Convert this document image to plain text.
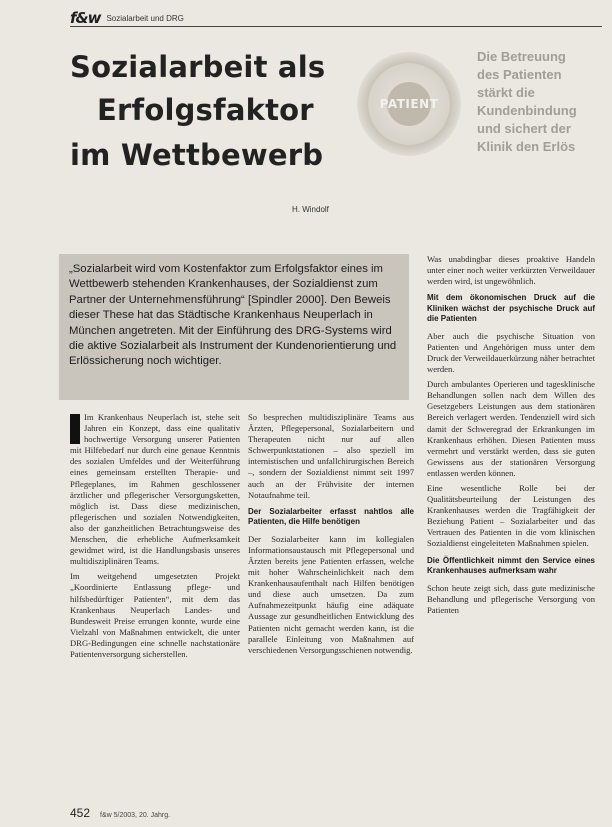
f&w Sozialarbeit und DRG
Sozialarbeit als
Erfolgsfaktor
im Wettbewerb
PATIENT
Die Betreuung
des Patienten
stärkt die
Kundenbindung
und sichert der
Klinik den Erlös
H. Windolf
„Sozialarbeit wird vom Kostenfaktor zum Erfolgsfaktor eines im Wettbewerb stehenden Krankenhauses, der Sozialdienst zum Partner der Unternehmensführung“ [Spindler 2000]. Den Beweis dieser These hat das Städtische Krankenhaus Neuperlach in München angetreten. Mit der Einführung des DRG-Systems wird die aktive Sozialarbeit als Instrument der Kundenorientierung und Erlössicherung noch wichtiger.

Im Krankenhaus Neuperlach ist, stehe seit Jahren ein Konzept, dass eine qualitativ hochwertige Versorgung unserer Patienten mit Hilfebedarf nur durch eine genaue Kenntnis des sozialen Umfeldes und der Weiterführung eines gemeinsam erstellten Therapie- und Pflegeplanes, im Rahmen geschlossener ärztlicher und pflegerischer Versorgungsketten, möglich ist. Dass diese medizinischen, pflegerischen und sozialen Notwendigkeiten, also der ganzheitlichen Betrachtungsweise des Menschen, die erhebliche Aufmerksamkeit gewidmet wird, ist die Handlungsbasis unseres multidisziplinären Teams.

Im weitgehend umgesetzten Projekt „Koordinierte Entlassung pflege- und hilfsbedürftiger Patienten“, mit dem das Krankenhaus Neuperlach Landes- und Bundesweit Preise errungen konnte, wurde eine Vielzahl von Maßnahmen entwickelt, die unter DRG-Bedingungen eine schnelle nachstationäre Patientenversorgung sicherstellen.

So besprechen multidisziplinäre Teams aus Ärzten, Pflegepersonal, Sozialarbeitern und Therapeuten nicht nur auf allen Schwerpunktstationen – also speziell im internistischen und unfallchirurgischen Bereich –, sondern der Sozialdienst nimmt seit 1997 auch an der Frühvisite der internen Notaufnahme teil.

Der Sozialarbeiter erfasst nahtlos alle Patienten, die Hilfe benötigen

Der Sozialarbeiter kann im kollegialen Informationsaustausch mit Pflegepersonal und Ärzten bereits jene Patienten erfassen, welche mit hoher Wahrscheinlichkeit nach dem Krankenhausaufenthalt nach Hilfen benötigen und diese auch umsetzen. Da zum Aufnahmezeitpunkt häufig eine adäquate Aussage zur gesundheitlichen Entwicklung des Patienten nicht gemacht werden kann, ist die parallele Einleitung von Maßnahmen auf verschiedenen Versorgungsschienen notwendig.

Was unabdingbar dieses proaktive Handeln unter einer noch weiter verkürzten Verweildauer werden wird, ist ungewöhnlich.

Mit dem ökonomischen Druck auf die Kliniken wächst der psychische Druck auf die Patienten

Aber auch die psychische Situation von Patienten und Angehörigen muss unter dem Druck der Verweildauerkürzung näher betrachtet werden.

Durch ambulantes Operieren und tagesklinische Behandlungen sollen nach dem Willen des Gesetzgebers Leistungen aus dem stationären Bereich verlagert werden. Tendenziell wird sich damit der Schweregrad der Erkrankungen im Krankenhaus erhöhen. Diesen Patienten muss vermehrt und verstärkt werden, dass sie guten Gewissens aus der stationären Versorgung entlassen werden können.

Eine wesentliche Rolle bei der Qualitätsbeurteilung der Leistungen des Krankenhauses werden die Tragfähigkeit der Beziehung Patient – Sozialarbeiter und das Vertrauen des Patienten in die vom klinischen Sozialdienst eingeleiteten Maßnahmen spielen.

Die Öffentlichkeit nimmt den Service eines Krankenhauses aufmerksam wahr

Schon heute zeigt sich, dass gute medizinische Behandlung und pflegerische Versorgung von Patienten

452 f&w 5/2003, 20. Jahrg.
